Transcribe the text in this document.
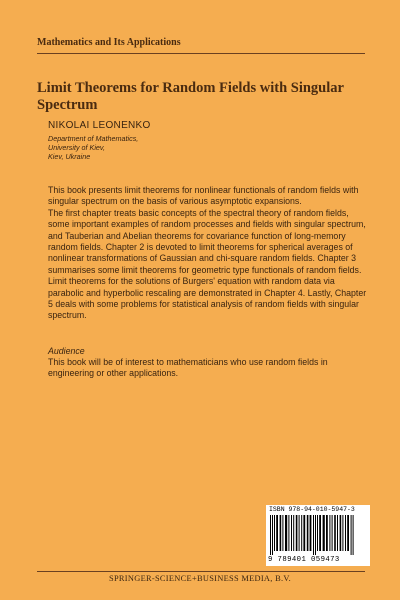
Mathematics and Its Applications
Limit Theorems for Random Fields with Singular Spectrum
NIKOLAI LEONENKO
Department of Mathematics,
University of Kiev,
Kiev, Ukraine

This book presents limit theorems for nonlinear functionals of random fields with singular spectrum on the basis of various asymptotic expansions.

The first chapter treats basic concepts of the spectral theory of random fields, some important examples of random processes and fields with singular spectrum, and Tauberian and Abelian theorems for covariance function of long-memory random fields. Chapter 2 is devoted to limit theorems for spherical averages of nonlinear transformations of Gaussian and chi-square random fields. Chapter 3 summarises some limit theorems for geometric type functionals of random fields. Limit theorems for the solutions of Burgers' equation with random data via parabolic and hyperbolic rescaling are demonstrated in Chapter 4. Lastly, Chapter 5 deals with some problems for statistical analysis of random fields with singular spectrum.

Audience
This book will be of interest to mathematicians who use random fields in engineering or other applications.
ISBN 978-94-010-5947-3
9 789401 059473
SPRINGER-SCIENCE+BUSINESS MEDIA, B.V.
